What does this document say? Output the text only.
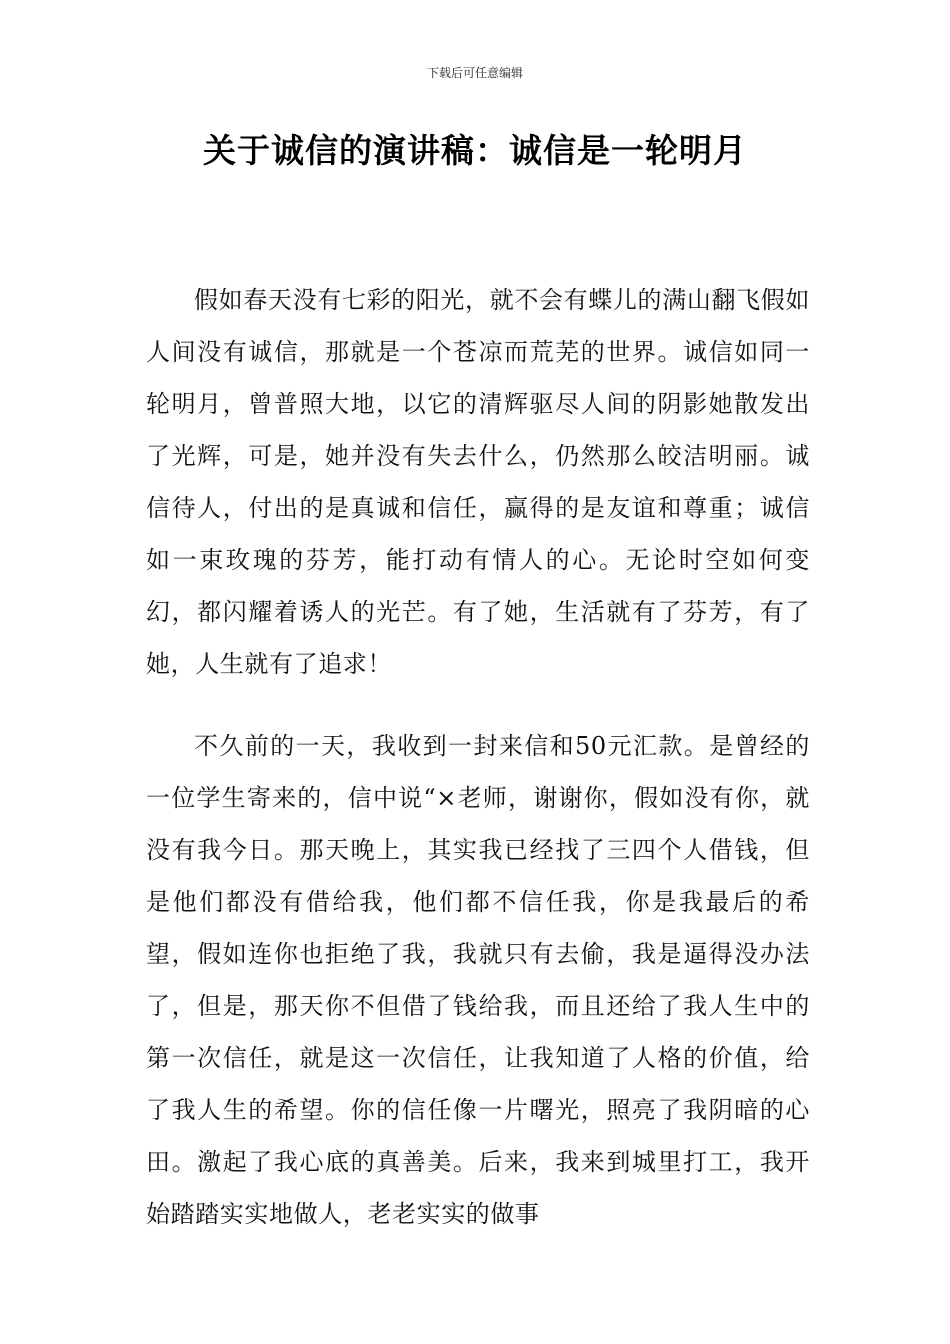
下载后可任意编辑
关于诚信的演讲稿：诚信是一轮明月

假如春天没有七彩的阳光，就不会有蝶儿的满山翻飞假如人间没有诚信，那就是一个苍凉而荒芜的世界。诚信如同一轮明月，曾普照大地，以它的清辉驱尽人间的阴影她散发出了光辉，可是，她并没有失去什么，仍然那么皎洁明丽。诚信待人，付出的是真诚和信任，赢得的是友谊和尊重；诚信如一束玫瑰的芬芳，能打动有情人的心。无论时空如何变幻，都闪耀着诱人的光芒。有了她，生活就有了芬芳，有了她，人生就有了追求！

不久前的一天，我收到一封来信和50元汇款。是曾经的一位学生寄来的，信中说“×老师，谢谢你，假如没有你，就没有我今日。那天晚上，其实我已经找了三四个人借钱，但是他们都没有借给我，他们都不信任我，你是我最后的希望，假如连你也拒绝了我，我就只有去偷，我是逼得没办法了，但是，那天你不但借了钱给我，而且还给了我人生中的第一次信任，就是这一次信任，让我知道了人格的价值，给了我人生的希望。你的信任像一片曙光，照亮了我阴暗的心田。激起了我心底的真善美。后来，我来到城里打工，我开始踏踏实实地做人，老老实实的做事
